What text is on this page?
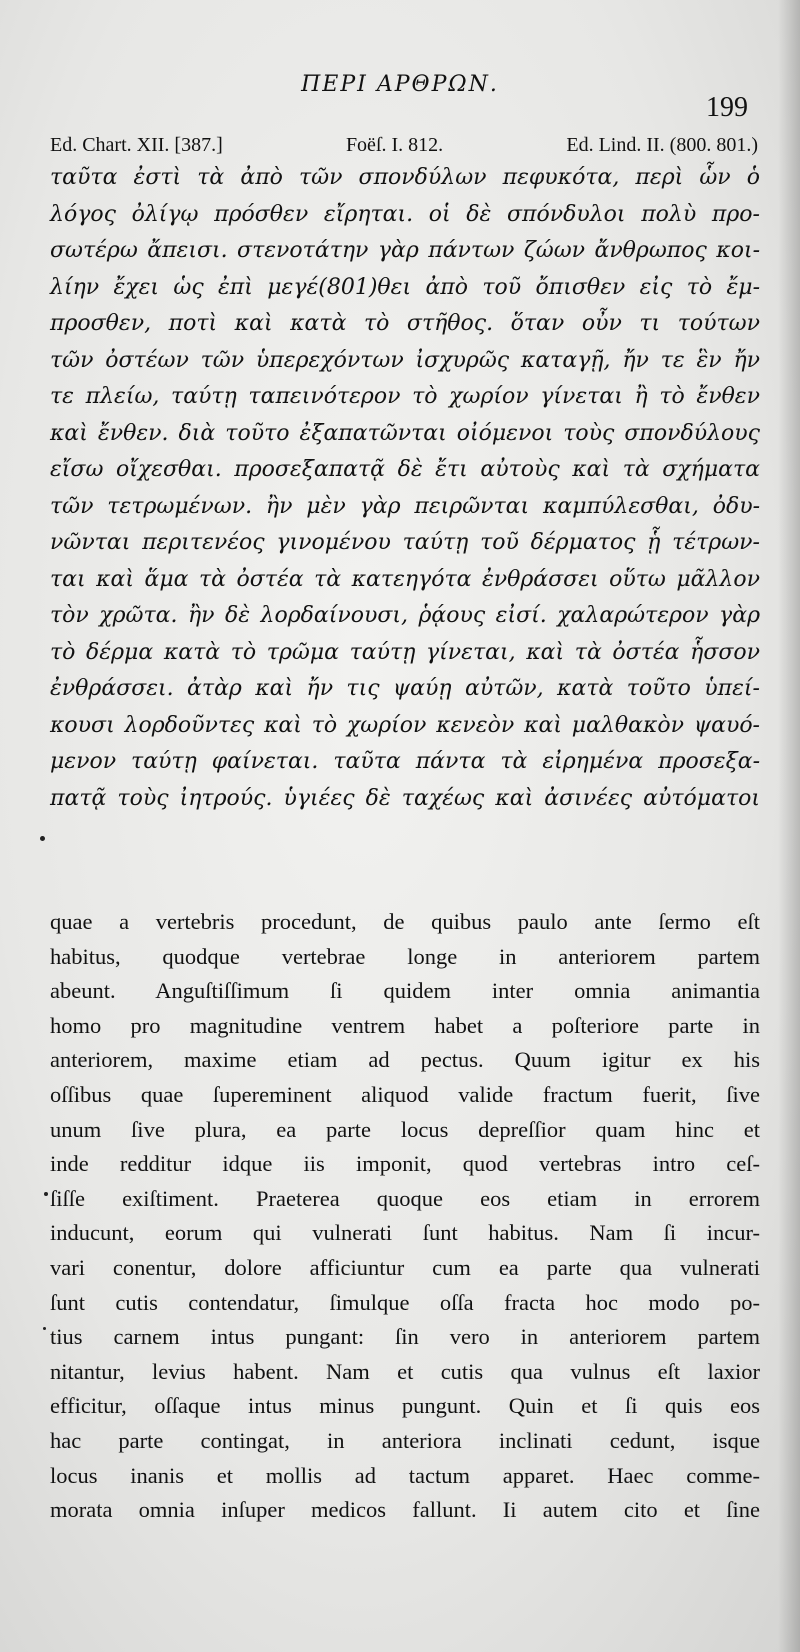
ΠΕΡΙ ΑΡΘΡΩΝ.
199
Ed. Chart. XII. [387.]	Foëſ. I. 812.	Ed. Lind. II. (800. 801.)
ταῦτα ἐστὶ τὰ ἀπὸ τῶν σπονδύλων πεφυκότα, περὶ ὧν ὁ
λόγος ὀλίγῳ πρόσθεν εἴρηται. οἱ δὲ σπόνδυλοι πολὺ προ-
σωτέρω ἄπεισι. στενοτάτην γὰρ πάντων ζώων ἄνθρωπος κοι-
λίην ἔχει ὡς ἐπὶ μεγέ(801)θει ἀπὸ τοῦ ὄπισθεν εἰς τὸ ἔμ-
προσθεν, ποτὶ καὶ κατὰ τὸ στῆθος. ὅταν οὖν τι τούτων
τῶν ὀστέων τῶν ὑπερεχόντων ἰσχυρῶς καταγῇ, ἤν τε ἓν ἤν
τε πλείω, ταύτῃ ταπεινότερον τὸ χωρίον γίνεται ἢ τὸ ἔνθεν
καὶ ἔνθεν. διὰ τοῦτο ἐξαπατῶνται οἰόμενοι τοὺς σπονδύλους
εἴσω οἴχεσθαι. προσεξαπατᾷ δὲ ἔτι αὐτοὺς καὶ τὰ σχήματα
τῶν τετρωμένων. ἢν μὲν γὰρ πειρῶνται καμπύλεσθαι, ὀδυ-
νῶνται περιτενέος γινομένου ταύτῃ τοῦ δέρματος ᾗ τέτρων-
ται καὶ ἅμα τὰ ὀστέα τὰ κατεηγότα ἐνθράσσει οὕτω μᾶλλον
τὸν χρῶτα. ἢν δὲ λορδαίνουσι, ῥᾴους εἰσί. χαλαρώτερον γὰρ
τὸ δέρμα κατὰ τὸ τρῶμα ταύτῃ γίνεται, καὶ τὰ ὀστέα ἧσσον
ἐνθράσσει. ἀτὰρ καὶ ἤν τις ψαύῃ αὐτῶν, κατὰ τοῦτο ὑπεί-
κουσι λορδοῦντες καὶ τὸ χωρίον κενεὸν καὶ μαλθακὸν ψαυό-
μενον ταύτῃ φαίνεται. ταῦτα πάντα τὰ εἰρημένα προσεξα-
πατᾷ τοὺς ἰητρούς. ὑγιέες δὲ ταχέως καὶ ἀσινέες αὐτόματοι
quae a vertebris procedunt, de quibus paulo ante ſermo eſt
habitus, quodque vertebrae longe in anteriorem partem
abeunt. Anguſtiſſimum ſi quidem inter omnia animantia
homo pro magnitudine ventrem habet a poſteriore parte in
anteriorem, maxime etiam ad pectus. Quum igitur ex his
oſſibus quae ſupereminent aliquod valide fractum fuerit, ſive
unum ſive plura, ea parte locus depreſſior quam hinc et
inde redditur idque iis imponit, quod vertebras intro ceſ-
ſiſſe exiſtiment. Praeterea quoque eos etiam in errorem
inducunt, eorum qui vulnerati ſunt habitus. Nam ſi incur-
vari conentur, dolore afficiuntur cum ea parte qua vulnerati
ſunt cutis contendatur, ſimulque oſſa fracta hoc modo po-
tius carnem intus pungant: ſin vero in anteriorem partem
nitantur, levius habent. Nam et cutis qua vulnus eſt laxior
efficitur, oſſaque intus minus pungunt. Quin et ſi quis eos
hac parte contingat, in anteriora inclinati cedunt, isque
locus inanis et mollis ad tactum apparet. Haec comme-
morata omnia inſuper medicos fallunt. Ii autem cito et ſine
